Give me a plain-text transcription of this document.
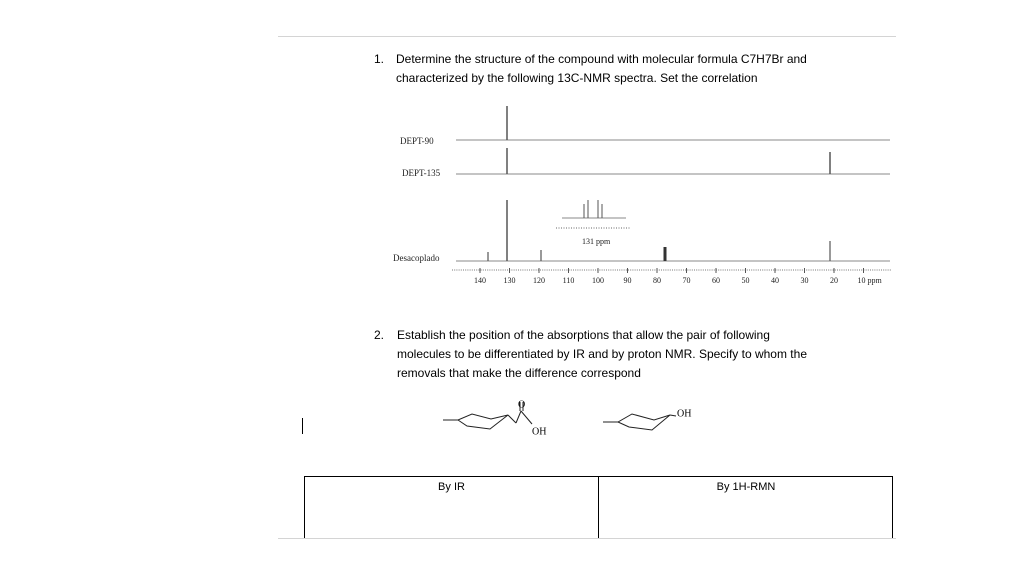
1. Determine the structure of the compound with molecular formula C7H7Br and
characterized by the following 13C-NMR spectra. Set the correlation
DEPT-90
DEPT-135
Desacoplado
131 ppm
140 130 120 110 100 90	80	70	60	50	40	30	20 10 ppm
2. Establish the position of the absorptions that allow the pair of following
molecules to be differentiated by IR and by proton NMR. Specify to whom the
removals that make the difference correspond
O
OH
OH
By IR	By 1H-RMN
